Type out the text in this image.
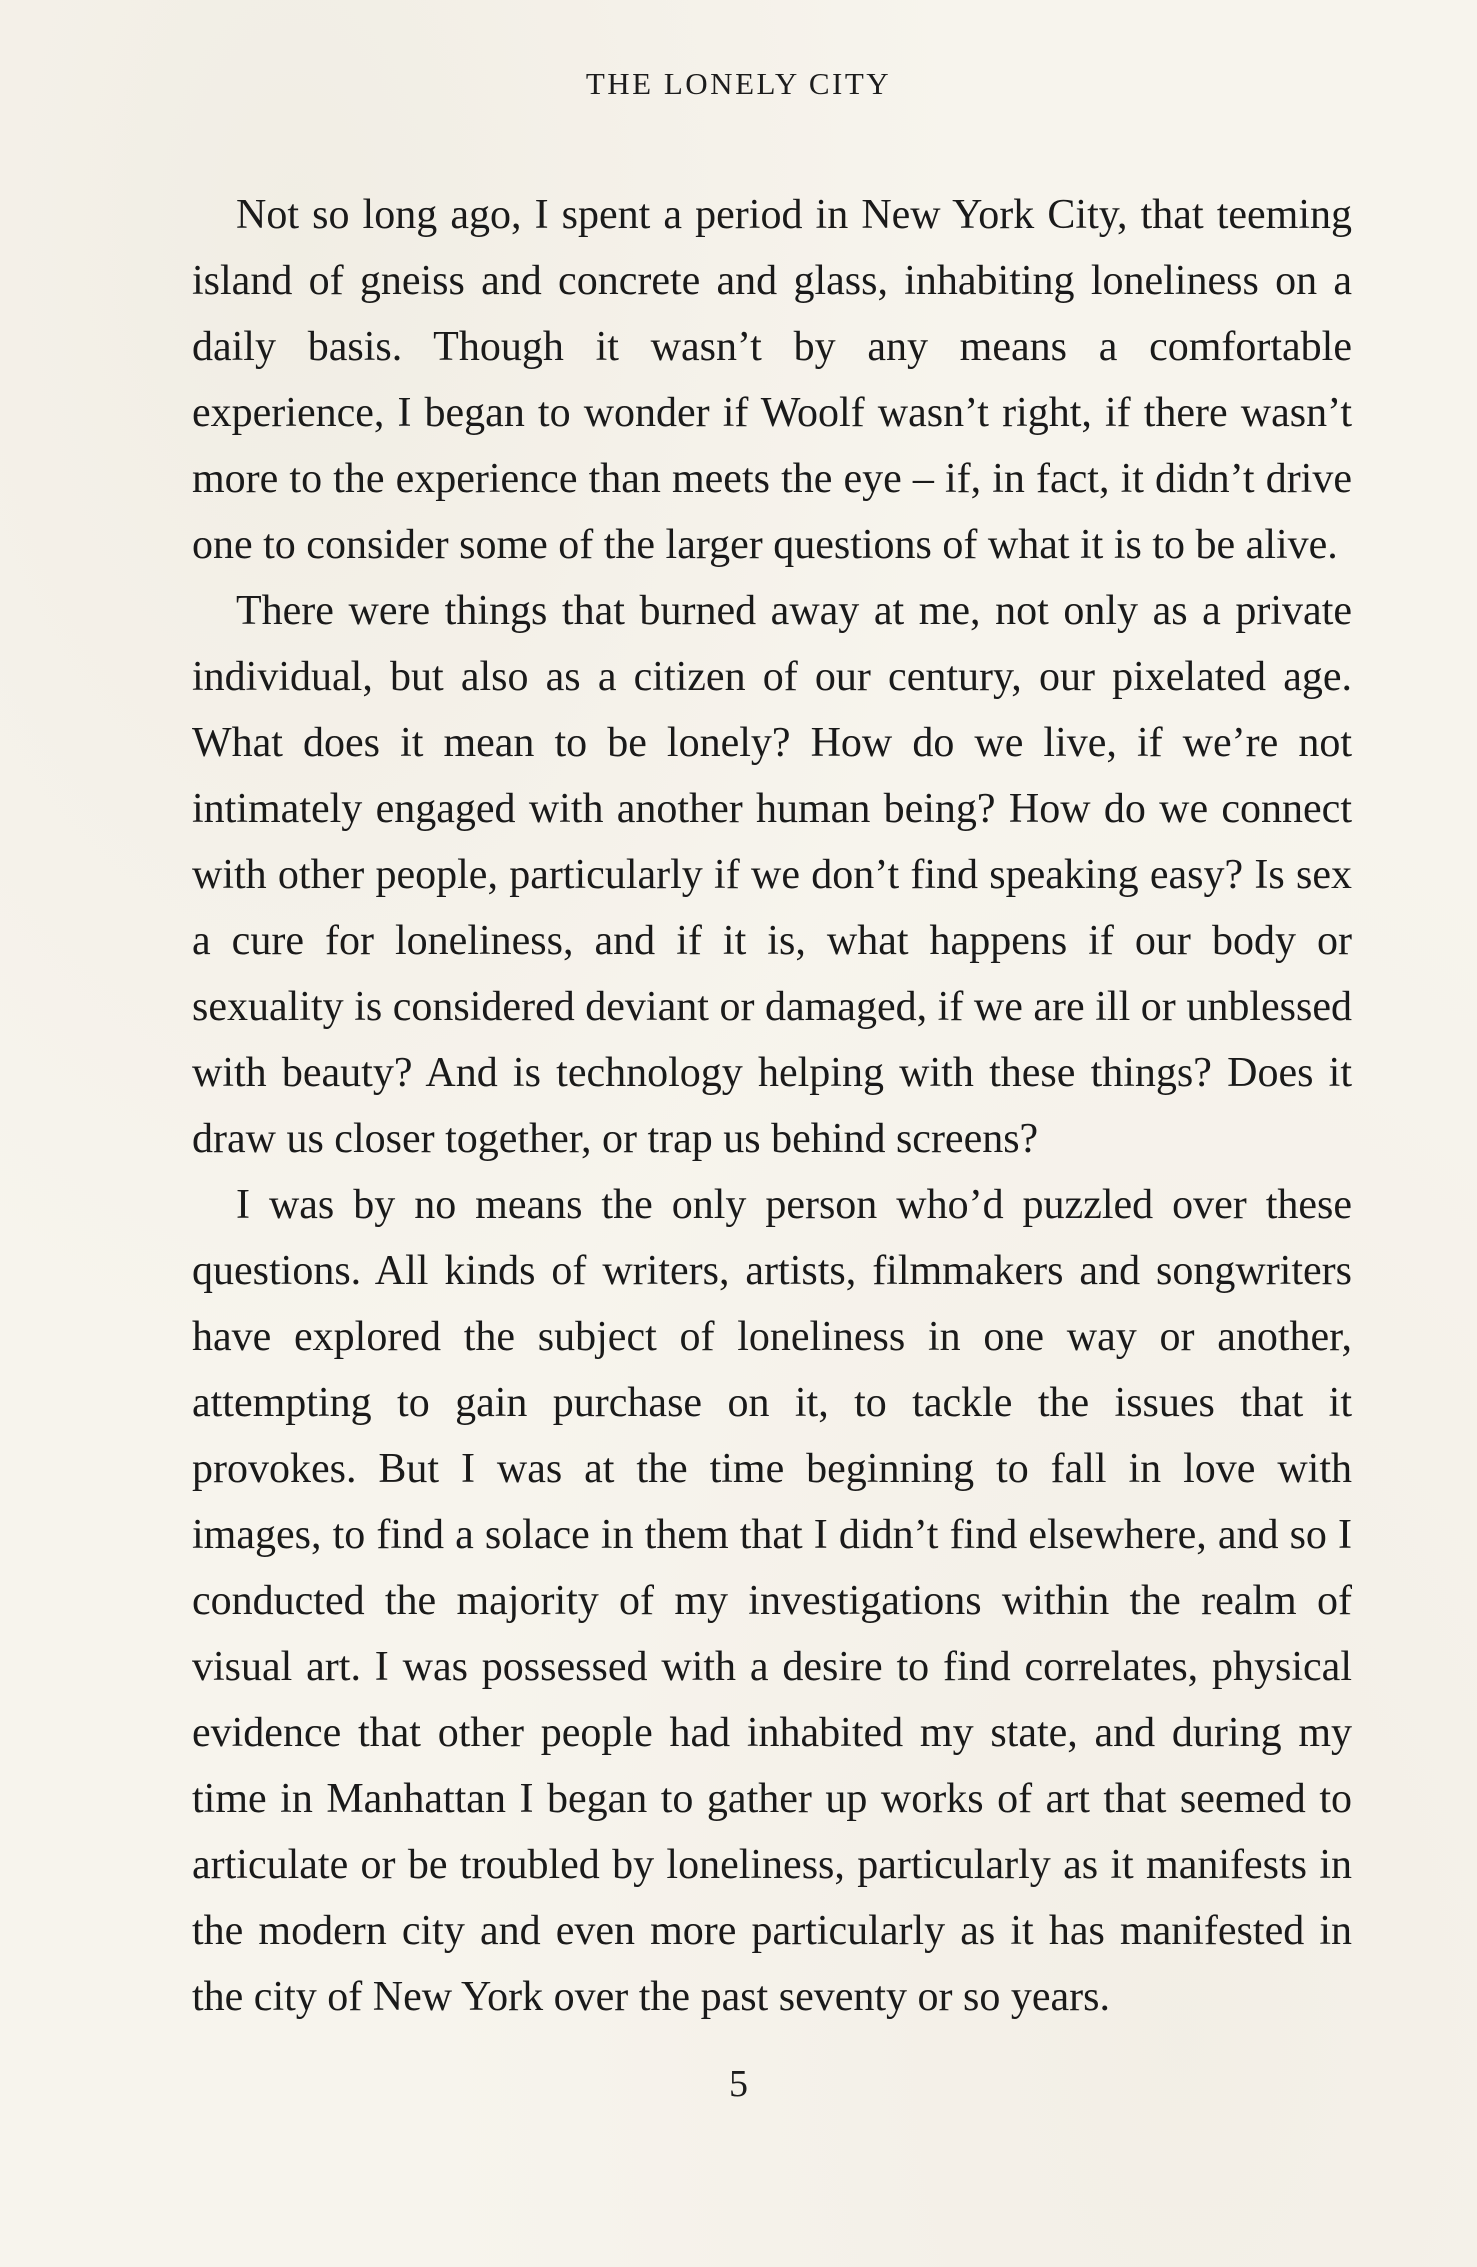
THE LONELY CITY

Not so long ago, I spent a period in New York City, that teeming island of gneiss and concrete and glass, inhabiting loneliness on a daily basis. Though it wasn’t by any means a comfortable experience, I began to wonder if Woolf wasn’t right, if there wasn’t more to the experience than meets the eye – if, in fact, it didn’t drive one to consider some of the larger questions of what it is to be alive.

There were things that burned away at me, not only as a private individual, but also as a citizen of our century, our pixelated age. What does it mean to be lonely? How do we live, if we’re not intimately engaged with another human being? How do we connect with other people, particularly if we don’t find speaking easy? Is sex a cure for loneliness, and if it is, what happens if our body or sexuality is considered deviant or damaged, if we are ill or unblessed with beauty? And is technology helping with these things? Does it draw us closer together, or trap us behind screens?

I was by no means the only person who’d puzzled over these questions. All kinds of writers, artists, filmmakers and songwriters have explored the subject of loneliness in one way or another, attempting to gain purchase on it, to tackle the issues that it provokes. But I was at the time beginning to fall in love with images, to find a solace in them that I didn’t find elsewhere, and so I conducted the majority of my investigations within the realm of visual art. I was possessed with a desire to find correlates, physical evidence that other people had inhabited my state, and during my time in Manhattan I began to gather up works of art that seemed to articulate or be troubled by loneliness, particularly as it manifests in the modern city and even more particularly as it has manifested in the city of New York over the past seventy or so years.

5
